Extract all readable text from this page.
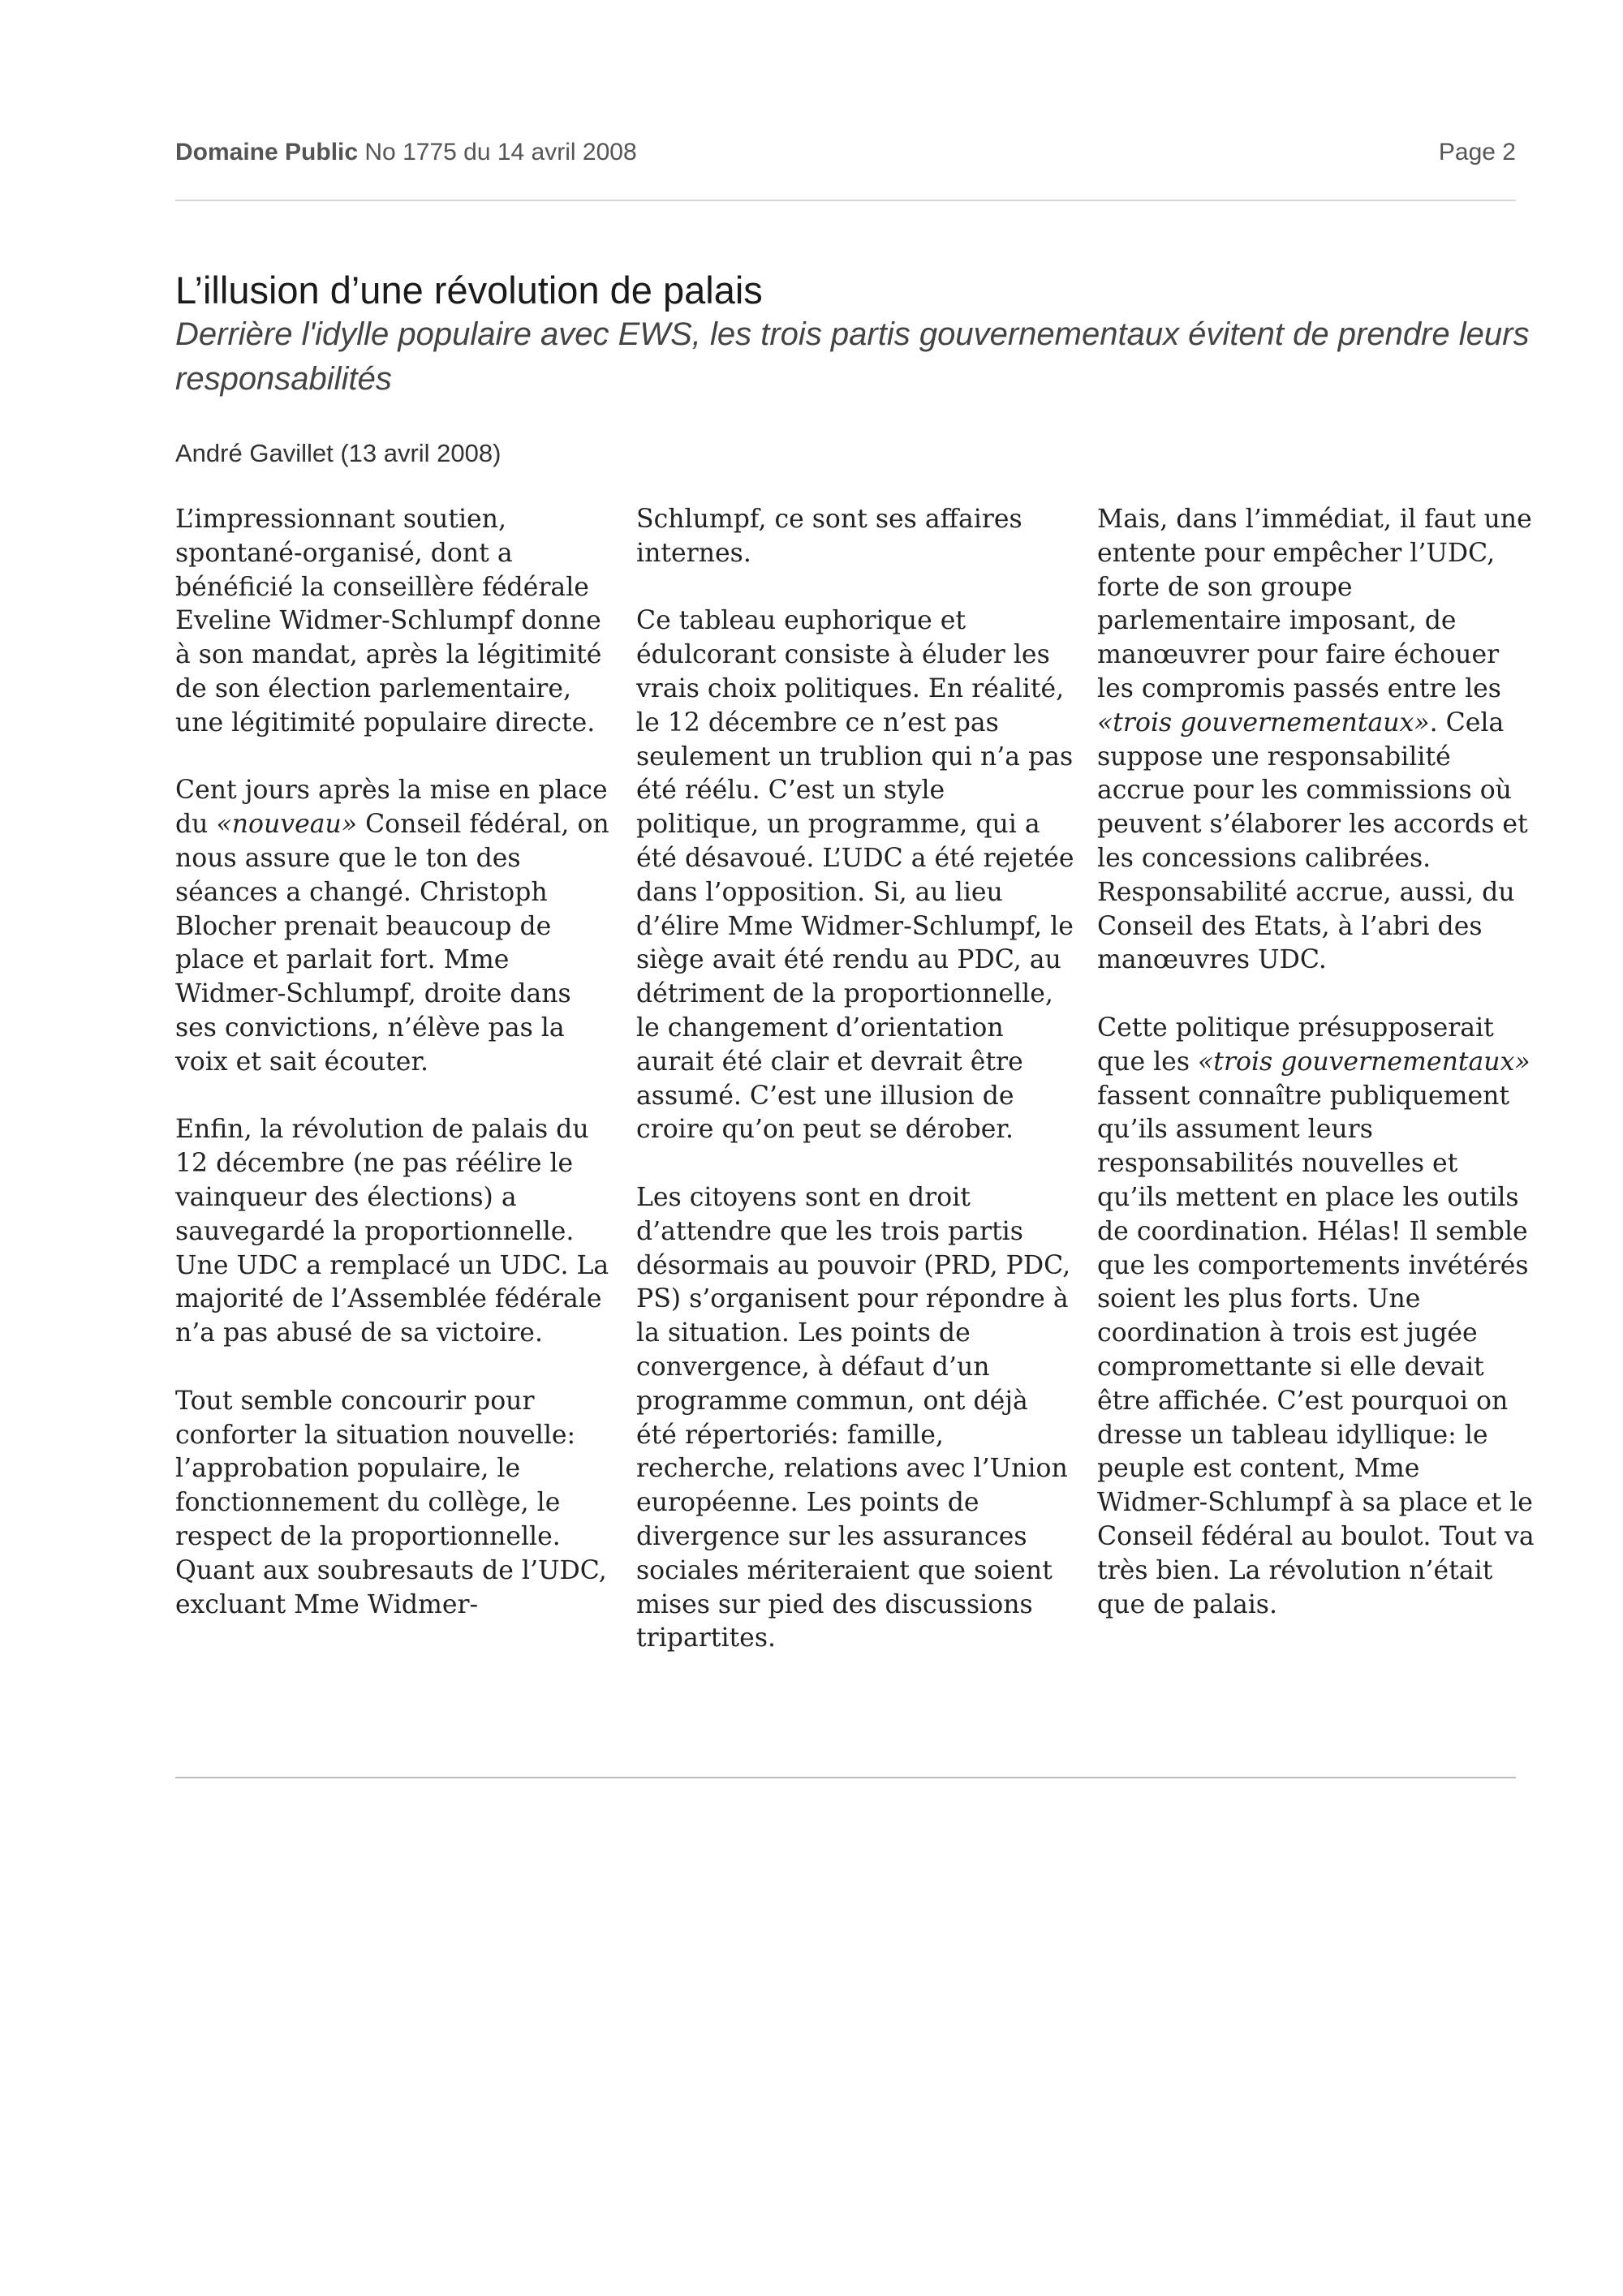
Domaine Public No 1775 du 14 avril 2008	Page 2
L’illusion d’une révolution de palais
Derrière l'idylle populaire avec EWS, les trois partis gouvernementaux évitent de prendre leurs responsabilités
André Gavillet (13 avril 2008)

L’impressionnant soutien, spontané-organisé, dont a bénéficié la conseillère fédérale Eveline Widmer-Schlumpf donne à son mandat, après la légitimité de son élection parlementaire, une légitimité populaire directe.

Cent jours après la mise en place du «nouveau» Conseil fédéral, on nous assure que le ton des séances a changé. Christoph Blocher prenait beaucoup de place et parlait fort. Mme Widmer-Schlumpf, droite dans ses convictions, n’élève pas la voix et sait écouter.

Enfin, la révolution de palais du 12 décembre (ne pas réélire le vainqueur des élections) a sauvegardé la proportionnelle. Une UDC a remplacé un UDC. La majorité de l’Assemblée fédérale n’a pas abusé de sa victoire.

Tout semble concourir pour conforter la situation nouvelle: l’approbation populaire, le fonctionnement du collège, le respect de la proportionnelle. Quant aux soubresauts de l’UDC, excluant Mme Widmer-

Schlumpf, ce sont ses affaires internes.

Ce tableau euphorique et édulcorant consiste à éluder les vrais choix politiques. En réalité, le 12 décembre ce n’est pas seulement un trublion qui n’a pas été réélu. C’est un style politique, un programme, qui a été désavoué. L’UDC a été rejetée dans l’opposition. Si, au lieu d’élire Mme Widmer-Schlumpf, le siège avait été rendu au PDC, au détriment de la proportionnelle, le changement d’orientation aurait été clair et devrait être assumé. C’est une illusion de croire qu’on peut se dérober.

Les citoyens sont en droit d’attendre que les trois partis désormais au pouvoir (PRD, PDC, PS) s’organisent pour répondre à la situation. Les points de convergence, à défaut d’un programme commun, ont déjà été répertoriés: famille, recherche, relations avec l’Union européenne. Les points de divergence sur les assurances sociales mériteraient que soient mises sur pied des discussions tripartites.

Mais, dans l’immédiat, il faut une entente pour empêcher l’UDC, forte de son groupe parlementaire imposant, de manœuvrer pour faire échouer les compromis passés entre les «trois gouvernementaux». Cela suppose une responsabilité accrue pour les commissions où peuvent s’élaborer les accords et les concessions calibrées. Responsabilité accrue, aussi, du Conseil des Etats, à l’abri des manœuvres UDC.

Cette politique présupposerait que les «trois gouvernementaux» fassent connaître publiquement qu’ils assument leurs responsabilités nouvelles et qu’ils mettent en place les outils de coordination. Hélas! Il semble que les comportements invétérés soient les plus forts. Une coordination à trois est jugée compromettante si elle devait être affichée. C’est pourquoi on dresse un tableau idyllique: le peuple est content, Mme Widmer-Schlumpf à sa place et le Conseil fédéral au boulot. Tout va très bien. La révolution n’était que de palais.
